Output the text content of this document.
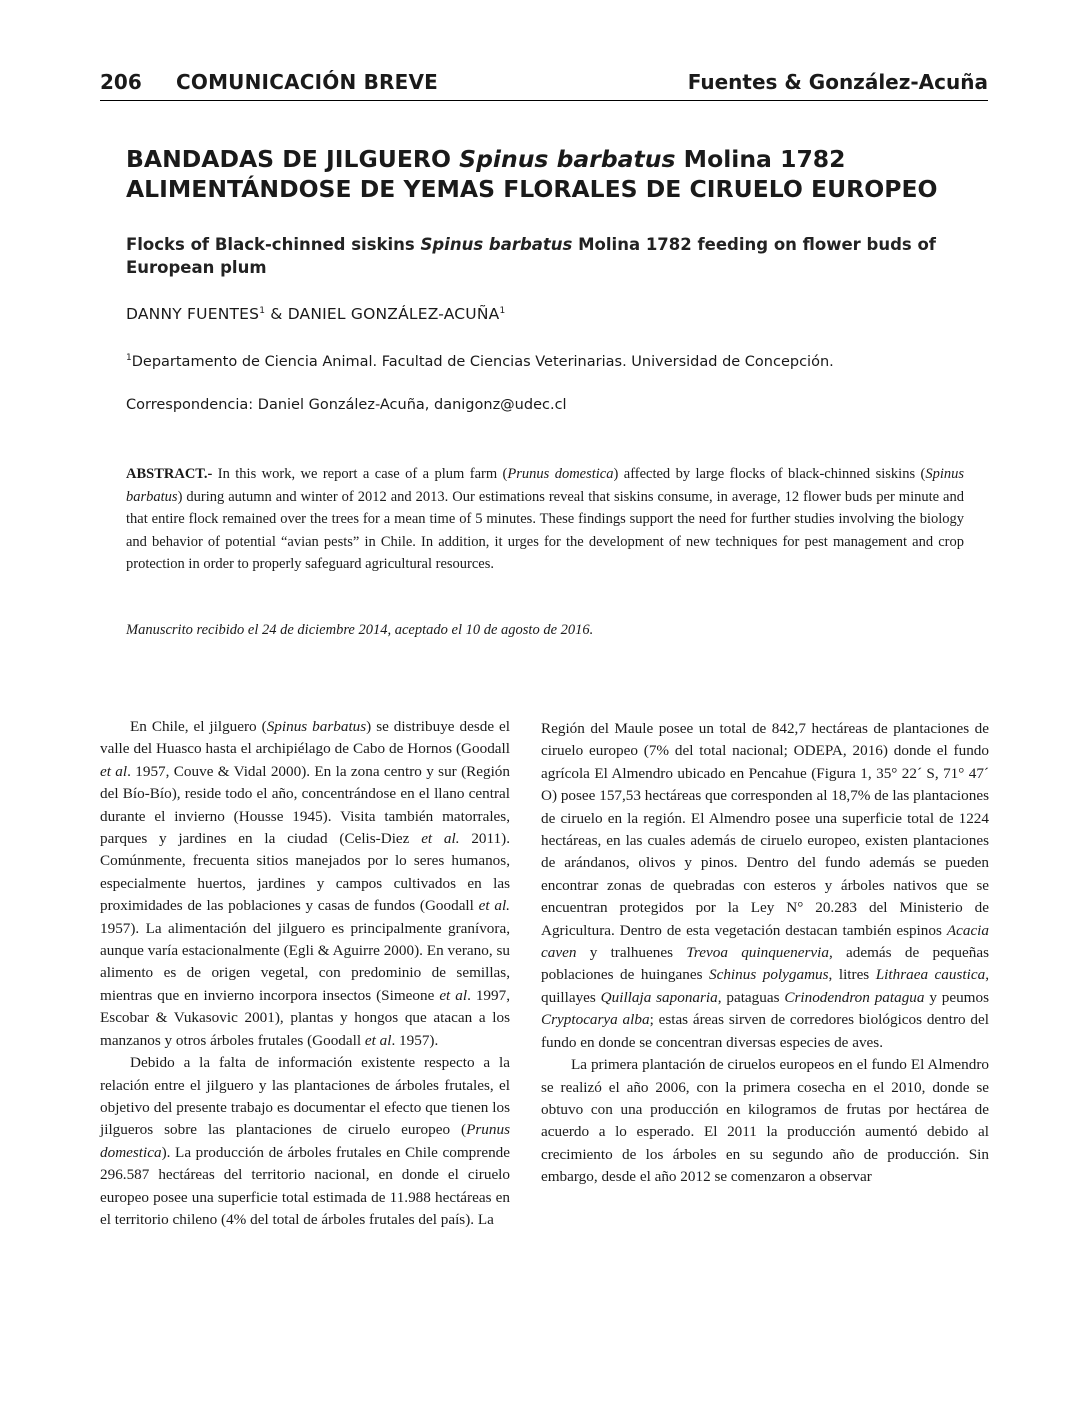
206 COMUNICACIÓN BREVE	Fuentes & González-Acuña
BANDADAS DE JILGUERO Spinus barbatus Molina 1782
ALIMENTÁNDOSE DE YEMAS FLORALES DE CIRUELO EUROPEO
Flocks of Black-chinned siskins Spinus barbatus Molina 1782 feeding on flower buds of European plum
DANNY FUENTES$^1$ & DANIEL GONZÁLEZ-ACUÑA$^1$
$^1$Departamento de Ciencia Animal. Facultad de Ciencias Veterinarias. Universidad de Concepción.
Correspondencia: Daniel González-Acuña, danigonz@udec.cl
ABSTRACT.- In this work, we report a case of a plum farm (Prunus domestica) affected by large flocks of black-chinned siskins (Spinus barbatus) during autumn and winter of 2012 and 2013. Our estimations reveal that siskins consume, in average, 12 flower buds per minute and that entire flock remained over the trees for a mean time of 5 minutes. These findings support the need for further studies involving the biology and behavior of potential “avian pests” in Chile. In addition, it urges for the development of new techniques for pest management and crop protection in order to properly safeguard agricultural resources.
Manuscrito recibido el 24 de diciembre 2014, aceptado el 10 de agosto de 2016.

En Chile, el jilguero (Spinus barbatus) se distribuye desde el valle del Huasco hasta el archipiélago de Cabo de Hornos (Goodall et al. 1957, Couve & Vidal 2000). En la zona centro y sur (Región del Bío-Bío), reside todo el año, concentrándose en el llano central durante el invierno (Housse 1945). Visita también matorrales, parques y jardines en la ciudad (Celis-Diez et al. 2011). Comúnmente, frecuenta sitios manejados por lo seres humanos, especialmente huertos, jardines y campos cultivados en las proximidades de las poblaciones y casas de fundos (Goodall et al. 1957). La alimentación del jilguero es principalmente granívora, aunque varía estacionalmente (Egli & Aguirre 2000). En verano, su alimento es de origen vegetal, con predominio de semillas, mientras que en invierno incorpora insectos (Simeone et al. 1997, Escobar & Vukasovic 2001), plantas y hongos que atacan a los manzanos y otros árboles frutales (Goodall et al. 1957).

Debido a la falta de información existente respecto a la relación entre el jilguero y las plantaciones de árboles frutales, el objetivo del presente trabajo es documentar el efecto que tienen los jilgueros sobre las plantaciones de ciruelo europeo (Prunus domestica). La producción de árboles frutales en Chile comprende 296.587 hectáreas del territorio nacional, en donde el ciruelo europeo posee una superficie total estimada de 11.988 hectáreas en el territorio chileno (4% del total de árboles frutales del país). La

Región del Maule posee un total de 842,7 hectáreas de plantaciones de ciruelo europeo (7% del total nacional; ODEPA, 2016) donde el fundo agrícola El Almendro ubicado en Pencahue (Figura 1, 35° 22´ S, 71° 47´ O) posee 157,53 hectáreas que corresponden al 18,7% de las plantaciones de ciruelo en la región. El Almendro posee una superficie total de 1224 hectáreas, en las cuales además de ciruelo europeo, existen plantaciones de arándanos, olivos y pinos. Dentro del fundo además se pueden encontrar zonas de quebradas con esteros y árboles nativos que se encuentran protegidos por la Ley N° 20.283 del Ministerio de Agricultura. Dentro de esta vegetación destacan también espinos Acacia caven y tralhuenes Trevoa quinquenervia, además de pequeñas poblaciones de huinganes Schinus polygamus, litres Lithraea caustica, quillayes Quillaja saponaria, pataguas Crinodendron patagua y peumos Cryptocarya alba; estas áreas sirven de corredores biológicos dentro del fundo en donde se concentran diversas especies de aves.

La primera plantación de ciruelos europeos en el fundo El Almendro se realizó el año 2006, con la primera cosecha en el 2010, donde se obtuvo con una producción en kilogramos de frutas por hectárea de acuerdo a lo esperado. El 2011 la producción aumentó debido al crecimiento de los árboles en su segundo año de producción. Sin embargo, desde el año 2012 se comenzaron a observar
